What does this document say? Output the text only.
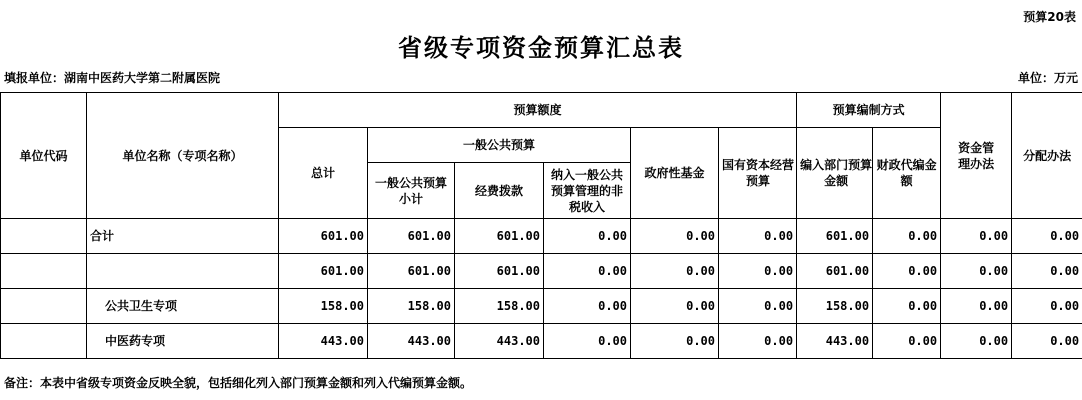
预算20表
省级专项资金预算汇总表
填报单位：湖南中医药大学第二附属医院	单位：万元
单位代码	单位名称（专项名称）	预算额度						预算编制方式		资金管理办法	分配办法
		总计	一般公共预算			政府性基金	国有资本经营预算	编入部门预算金额	财政代编金额		
			一般公共预算小计	经费拨款	纳入一般公共预算管理的非税收入						
	合计	601.00	601.00	601.00	0.00	0.00	0.00	601.00	0.00	0.00	0.00
		601.00	601.00	601.00	0.00	0.00	0.00	601.00	0.00	0.00	0.00
	公共卫生专项	158.00	158.00	158.00	0.00	0.00	0.00	158.00	0.00	0.00	0.00
	中医药专项	443.00	443.00	443.00	0.00	0.00	0.00	443.00	0.00	0.00	0.00
备注：本表中省级专项资金反映全貌，包括细化列入部门预算金额和列入代编预算金额。
